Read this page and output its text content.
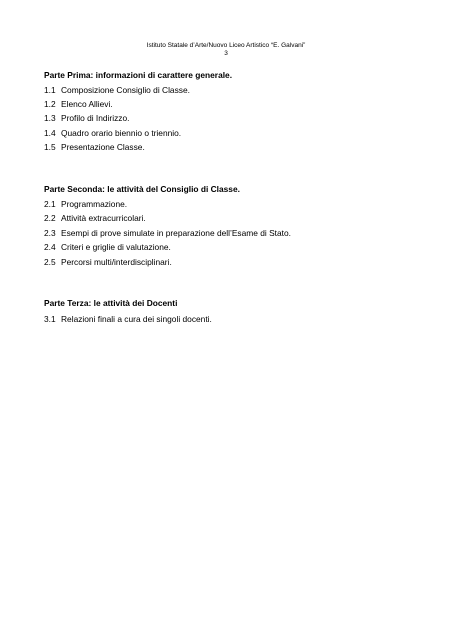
Istituto Statale d’Arte/Nuovo Liceo Artistico “E. Galvani”
3
Parte Prima: informazioni di carattere generale.
1.1 Composizione Consiglio di Classe.
1.2 Elenco Allievi.
1.3 Profilo di Indirizzo.
1.4 Quadro orario biennio o triennio.
1.5 Presentazione Classe.
Parte Seconda: le attività del Consiglio di Classe.
2.1 Programmazione.
2.2 Attività extracurricolari.
2.3 Esempi di prove simulate in preparazione dell’Esame di Stato.
2.4 Criteri e griglie di valutazione.
2.5 Percorsi multi/interdisciplinari.
Parte Terza: le attività dei Docenti
3.1 Relazioni finali a cura dei singoli docenti.
